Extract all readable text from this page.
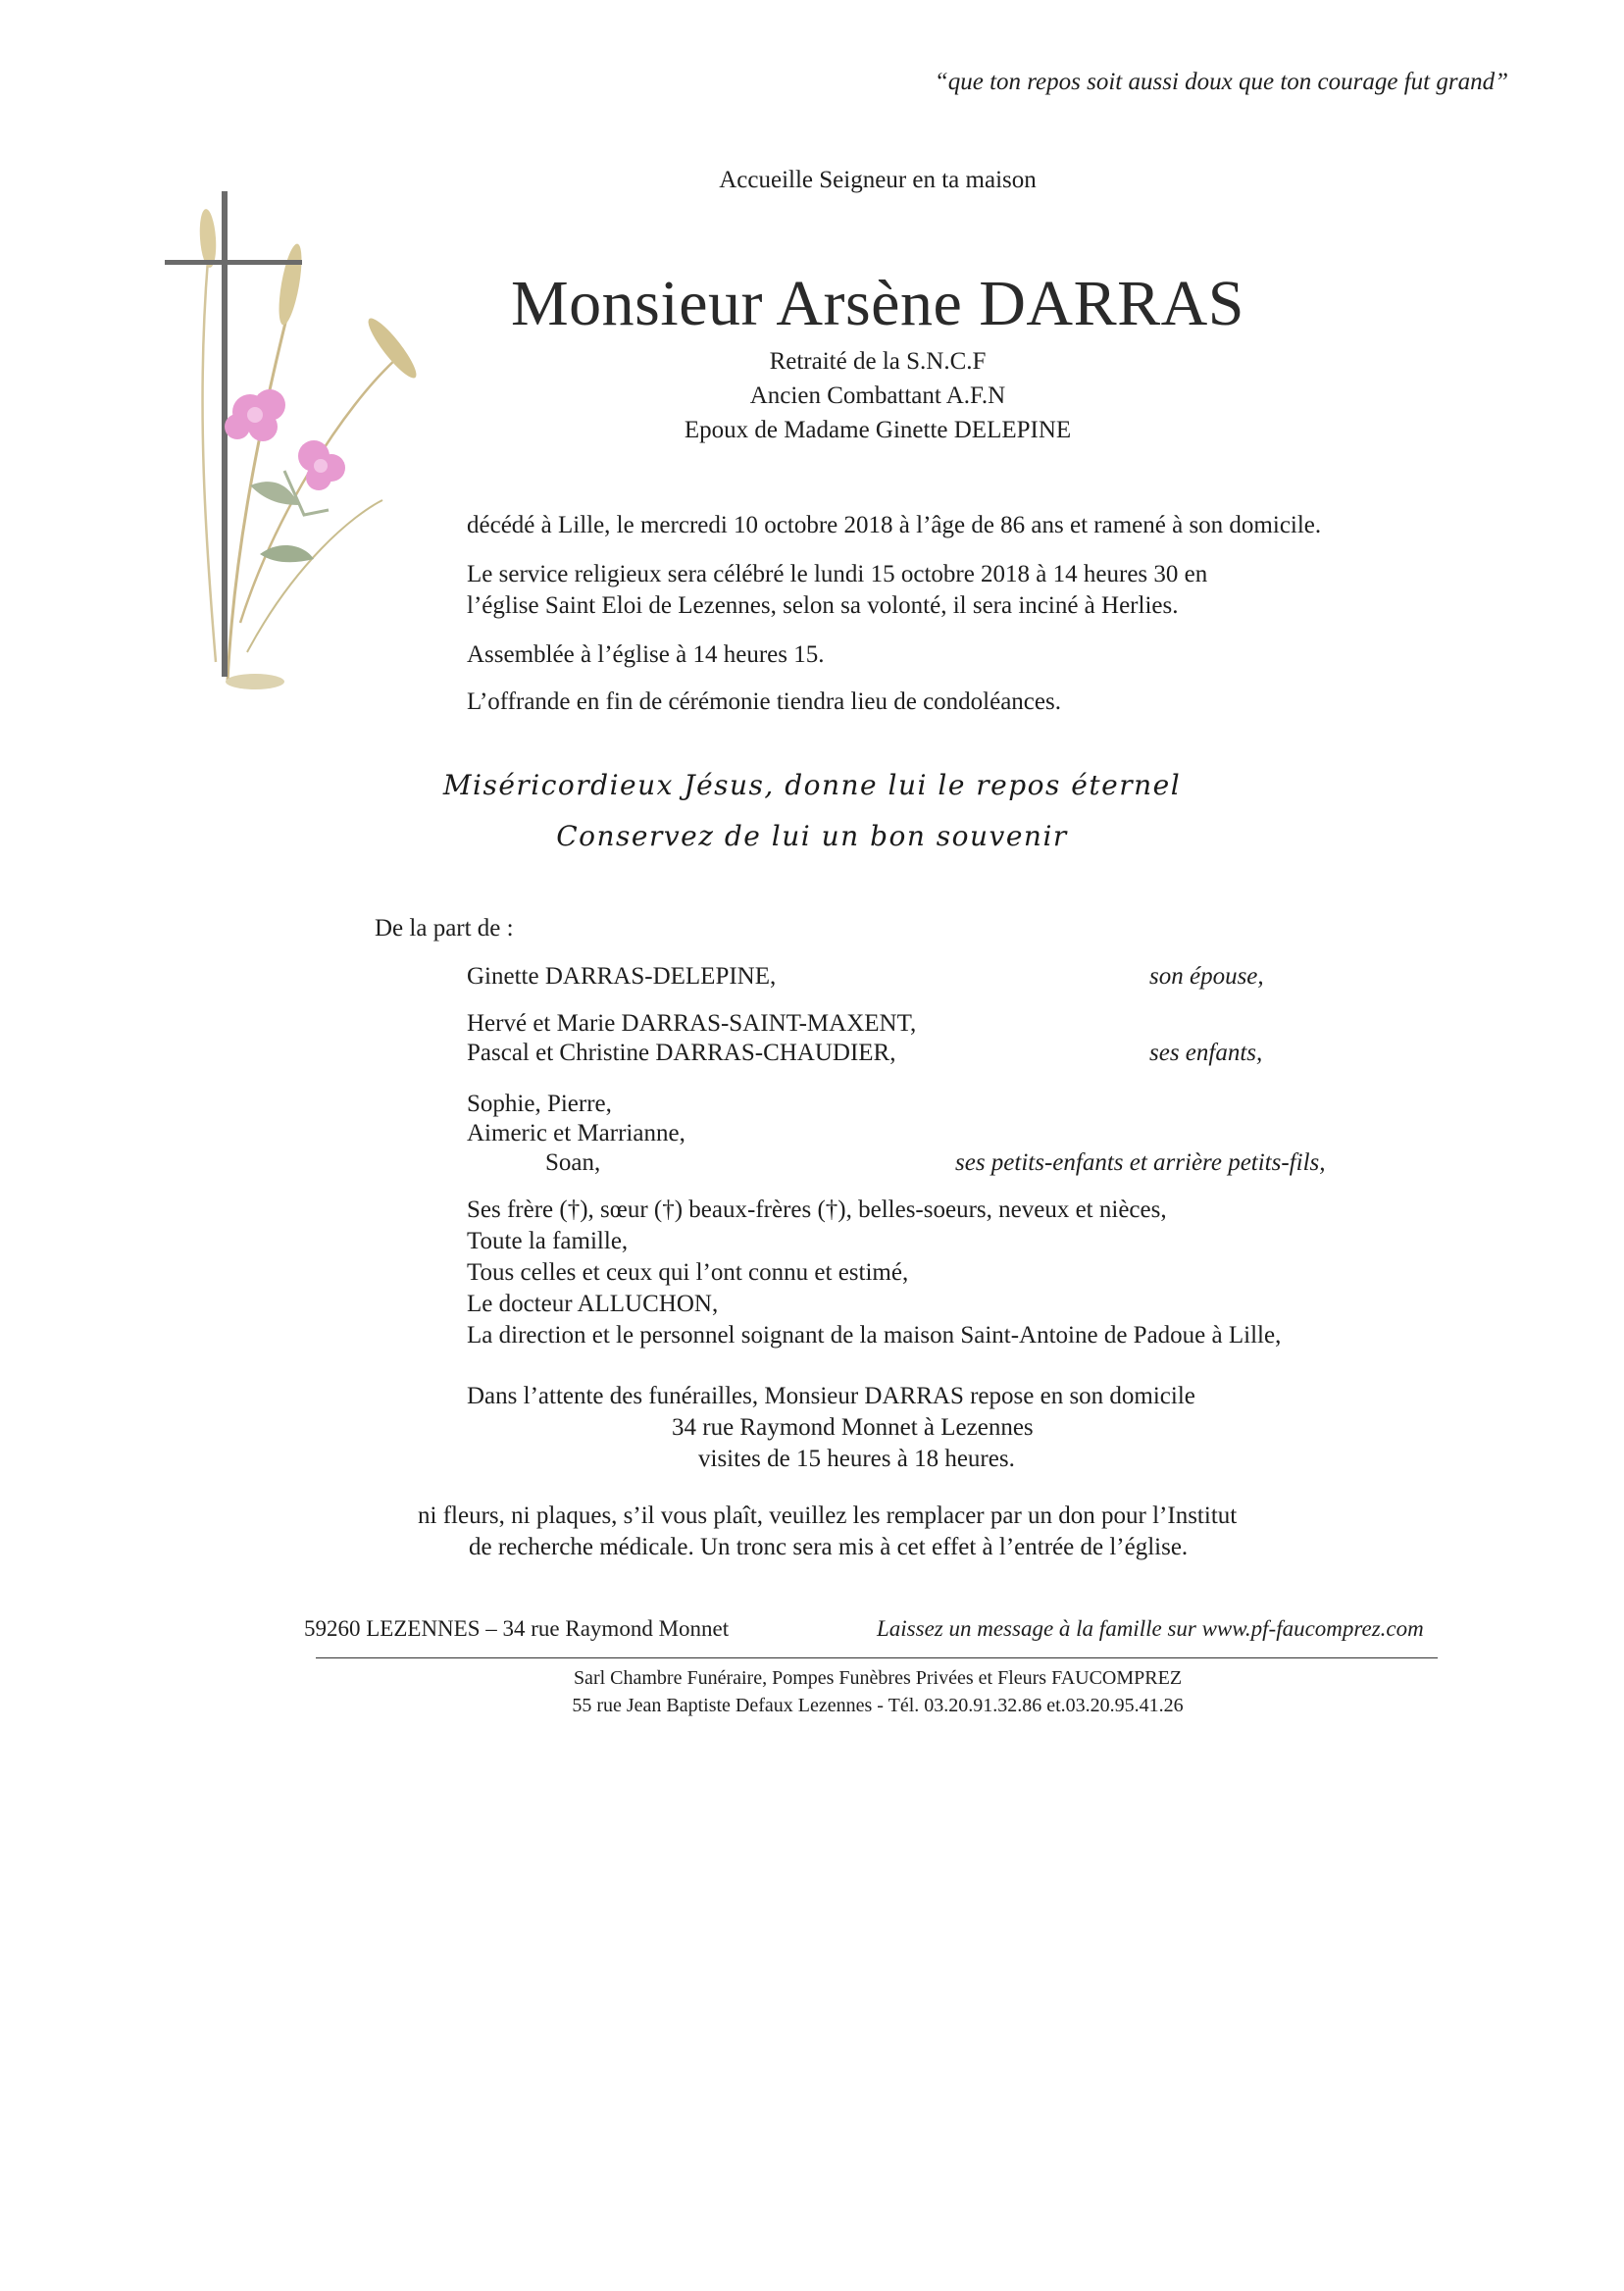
“que ton repos soit aussi doux que ton courage fut grand”
Accueille Seigneur en ta maison
Monsieur Arsène DARRAS
Retraité de la S.N.C.F
Ancien Combattant A.F.N
Epoux de Madame Ginette DELEPINE
décédé à Lille, le mercredi 10 octobre 2018 à l’âge de 86 ans et ramené à son domicile.
Le service religieux sera célébré le lundi 15 octobre 2018 à 14 heures 30 en
l’église Saint Eloi de Lezennes, selon sa volonté, il sera inciné à Herlies.
Assemblée à l’église à 14 heures 15.
L’offrande en fin de cérémonie tiendra lieu de condoléances.
Miséricordieux Jésus, donne lui le repos éternel
Conservez de lui un bon souvenir
De la part de :
Ginette DARRAS-DELEPINE,	son épouse,
Hervé et Marie DARRAS-SAINT-MAXENT,
Pascal et Christine DARRAS-CHAUDIER,	ses enfants,
Sophie, Pierre,
Aimeric et Marrianne,
Soan,	ses petits-enfants et arrière petits-fils,
Ses frère (†), sœur (†) beaux-frères (†), belles-soeurs, neveux et nièces,
Toute la famille,
Tous celles et ceux qui l’ont connu et estimé,
Le docteur ALLUCHON,
La direction et le personnel soignant de la maison Saint-Antoine de Padoue à Lille,
Dans l’attente des funérailles, Monsieur DARRAS repose en son domicile
34 rue Raymond Monnet à Lezennes
visites de 15 heures à 18 heures.
ni fleurs, ni plaques, s’il vous plaît, veuillez les remplacer par un don pour l’Institut
de recherche médicale. Un tronc sera mis à cet effet à l’entrée de l’église.
59260 LEZENNES – 34 rue Raymond Monnet	Laissez un message à la famille sur www.pf-faucomprez.com
Sarl Chambre Funéraire, Pompes Funèbres Privées et Fleurs FAUCOMPREZ
55 rue Jean Baptiste Defaux Lezennes - Tél. 03.20.91.32.86 et.03.20.95.41.26
